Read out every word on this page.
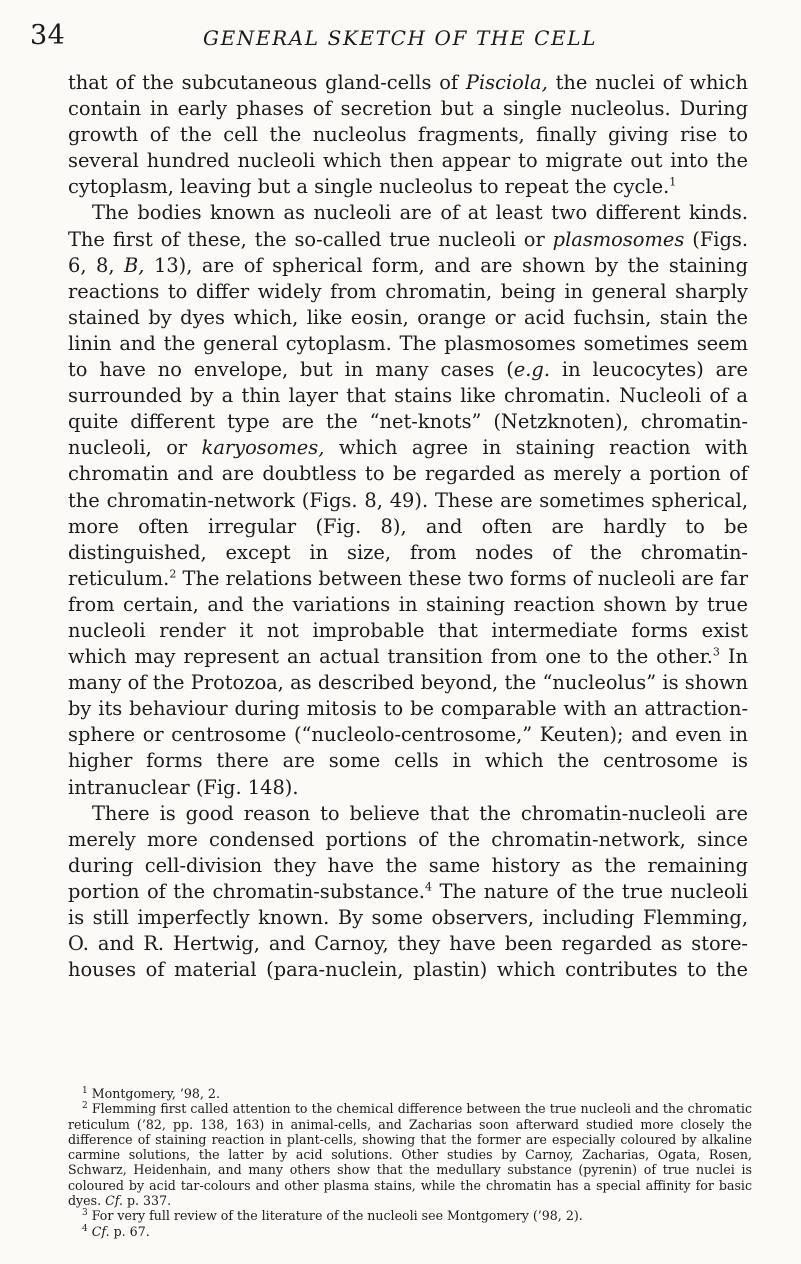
34	GENERAL SKETCH OF THE CELL

that of the subcutaneous gland-cells of Pisciola, the nuclei of which contain in early phases of secretion but a single nucleolus. During growth of the cell the nucleolus fragments, finally giving rise to several hundred nucleoli which then appear to migrate out into the cytoplasm, leaving but a single nucleolus to repeat the cycle.$^1$

The bodies known as nucleoli are of at least two different kinds. The first of these, the so-called true nucleoli or plasmosomes (Figs. 6, 8, B, 13), are of spherical form, and are shown by the staining reactions to differ widely from chromatin, being in general sharply stained by dyes which, like eosin, orange or acid fuchsin, stain the linin and the general cytoplasm. The plasmosomes sometimes seem to have no envelope, but in many cases (e.g. in leucocytes) are surrounded by a thin layer that stains like chromatin. Nucleoli of a quite different type are the “net-knots” (Netzknoten), chromatin-nucleoli, or karyosomes, which agree in staining reaction with chromatin and are doubtless to be regarded as merely a portion of the chromatin-network (Figs. 8, 49). These are sometimes spherical, more often irregular (Fig. 8), and often are hardly to be distinguished, except in size, from nodes of the chromatin-reticulum.$^2$ The relations between these two forms of nucleoli are far from certain, and the variations in staining reaction shown by true nucleoli render it not improbable that intermediate forms exist which may represent an actual transition from one to the other.$^3$ In many of the Protozoa, as described beyond, the “nucleolus” is shown by its behaviour during mitosis to be comparable with an attraction-sphere or centrosome (“nucleolo-centrosome,” Keuten); and even in higher forms there are some cells in which the centrosome is intranuclear (Fig. 148).

There is good reason to believe that the chromatin-nucleoli are merely more condensed portions of the chromatin-network, since during cell-division they have the same history as the remaining portion of the chromatin-substance.$^4$ The nature of the true nucleoli is still imperfectly known. By some observers, including Flemming, O. and R. Hertwig, and Carnoy, they have been regarded as store-houses of material (para-nuclein, plastin) which contributes to the

$^1$ Montgomery, ’98, 2.

$^2$ Flemming first called attention to the chemical difference between the true nucleoli and the chromatic reticulum (’82, pp. 138, 163) in animal-cells, and Zacharias soon afterward studied more closely the difference of staining reaction in plant-cells, showing that the former are especially coloured by alkaline carmine solutions, the latter by acid solutions. Other studies by Carnoy, Zacharias, Ogata, Rosen, Schwarz, Heidenhain, and many others show that the medullary substance (pyrenin) of true nuclei is coloured by acid tar-colours and other plasma stains, while the chromatin has a special affinity for basic dyes. Cf. p. 337.

$^3$ For very full review of the literature of the nucleoli see Montgomery (’98, 2).

$^4$ Cf. p. 67.
